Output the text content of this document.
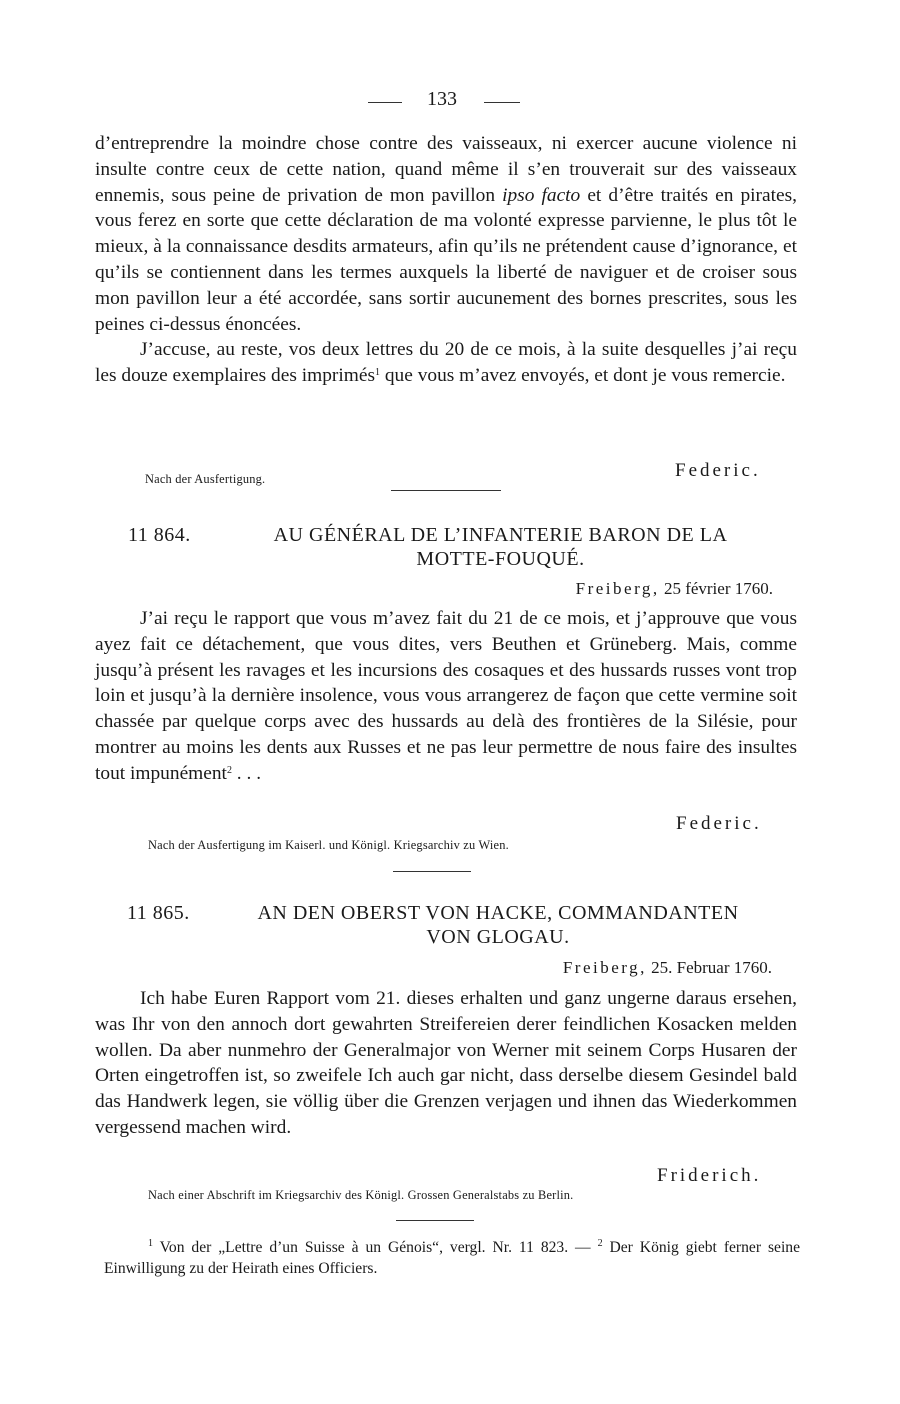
133

d’entreprendre la moindre chose contre des vaisseaux, ni exercer aucune violence ni insulte contre ceux de cette nation, quand même il s’en trouverait sur des vaisseaux ennemis, sous peine de privation de mon pavillon ipso facto et d’être traités en pirates, vous ferez en sorte que cette déclaration de ma volonté expresse parvienne, le plus tôt le mieux, à la connaissance desdits armateurs, afin qu’ils ne prétendent cause d’ignorance, et qu’ils se contiennent dans les termes auxquels la liberté de naviguer et de croiser sous mon pavillon leur a été accordée, sans sortir aucunement des bornes prescrites, sous les peines ci-dessus énoncées.

J’accuse, au reste, vos deux lettres du 20 de ce mois, à la suite desquelles j’ai reçu les douze exemplaires des imprimés$^1$ que vous m’avez envoyés, et dont je vous remercie.

Nach der Ausfertigung.	Federic.
11 864.	AU GÉNÉRAL DE L’INFANTERIE BARON DE LA
MOTTE-FOUQUÉ.
Freiberg, 25 février 1760.

J’ai reçu le rapport que vous m’avez fait du 21 de ce mois, et j’approuve que vous ayez fait ce détachement, que vous dites, vers Beuthen et Grüneberg. Mais, comme jusqu’à présent les ravages et les incursions des cosaques et des hussards russes vont trop loin et jusqu’à la dernière insolence, vous vous arrangerez de façon que cette vermine soit chassée par quelque corps avec des hussards au delà des frontières de la Silésie, pour montrer au moins les dents aux Russes et ne pas leur permettre de nous faire des insultes tout impunément$^2$ . . .

Federic.
Nach der Ausfertigung im Kaiserl. und Königl. Kriegsarchiv zu Wien.
11 865.	AN DEN OBERST VON HACKE, COMMANDANTEN
VON GLOGAU.
Freiberg, 25. Februar 1760.

Ich habe Euren Rapport vom 21. dieses erhalten und ganz ungerne daraus ersehen, was Ihr von den annoch dort gewahrten Streifereien derer feindlichen Kosacken melden wollen. Da aber nunmehro der Generalmajor von Werner mit seinem Corps Husaren der Orten eingetroffen ist, so zweifele Ich auch gar nicht, dass derselbe diesem Gesindel bald das Handwerk legen, sie völlig über die Grenzen verjagen und ihnen das Wiederkommen vergessend machen wird.

Friderich.
Nach einer Abschrift im Kriegsarchiv des Königl. Grossen Generalstabs zu Berlin.
$^1$ Von der „Lettre d’un Suisse à un Génois“, vergl. Nr. 11 823. — $^2$ Der König giebt ferner seine Einwilligung zu der Heirath eines Officiers.
